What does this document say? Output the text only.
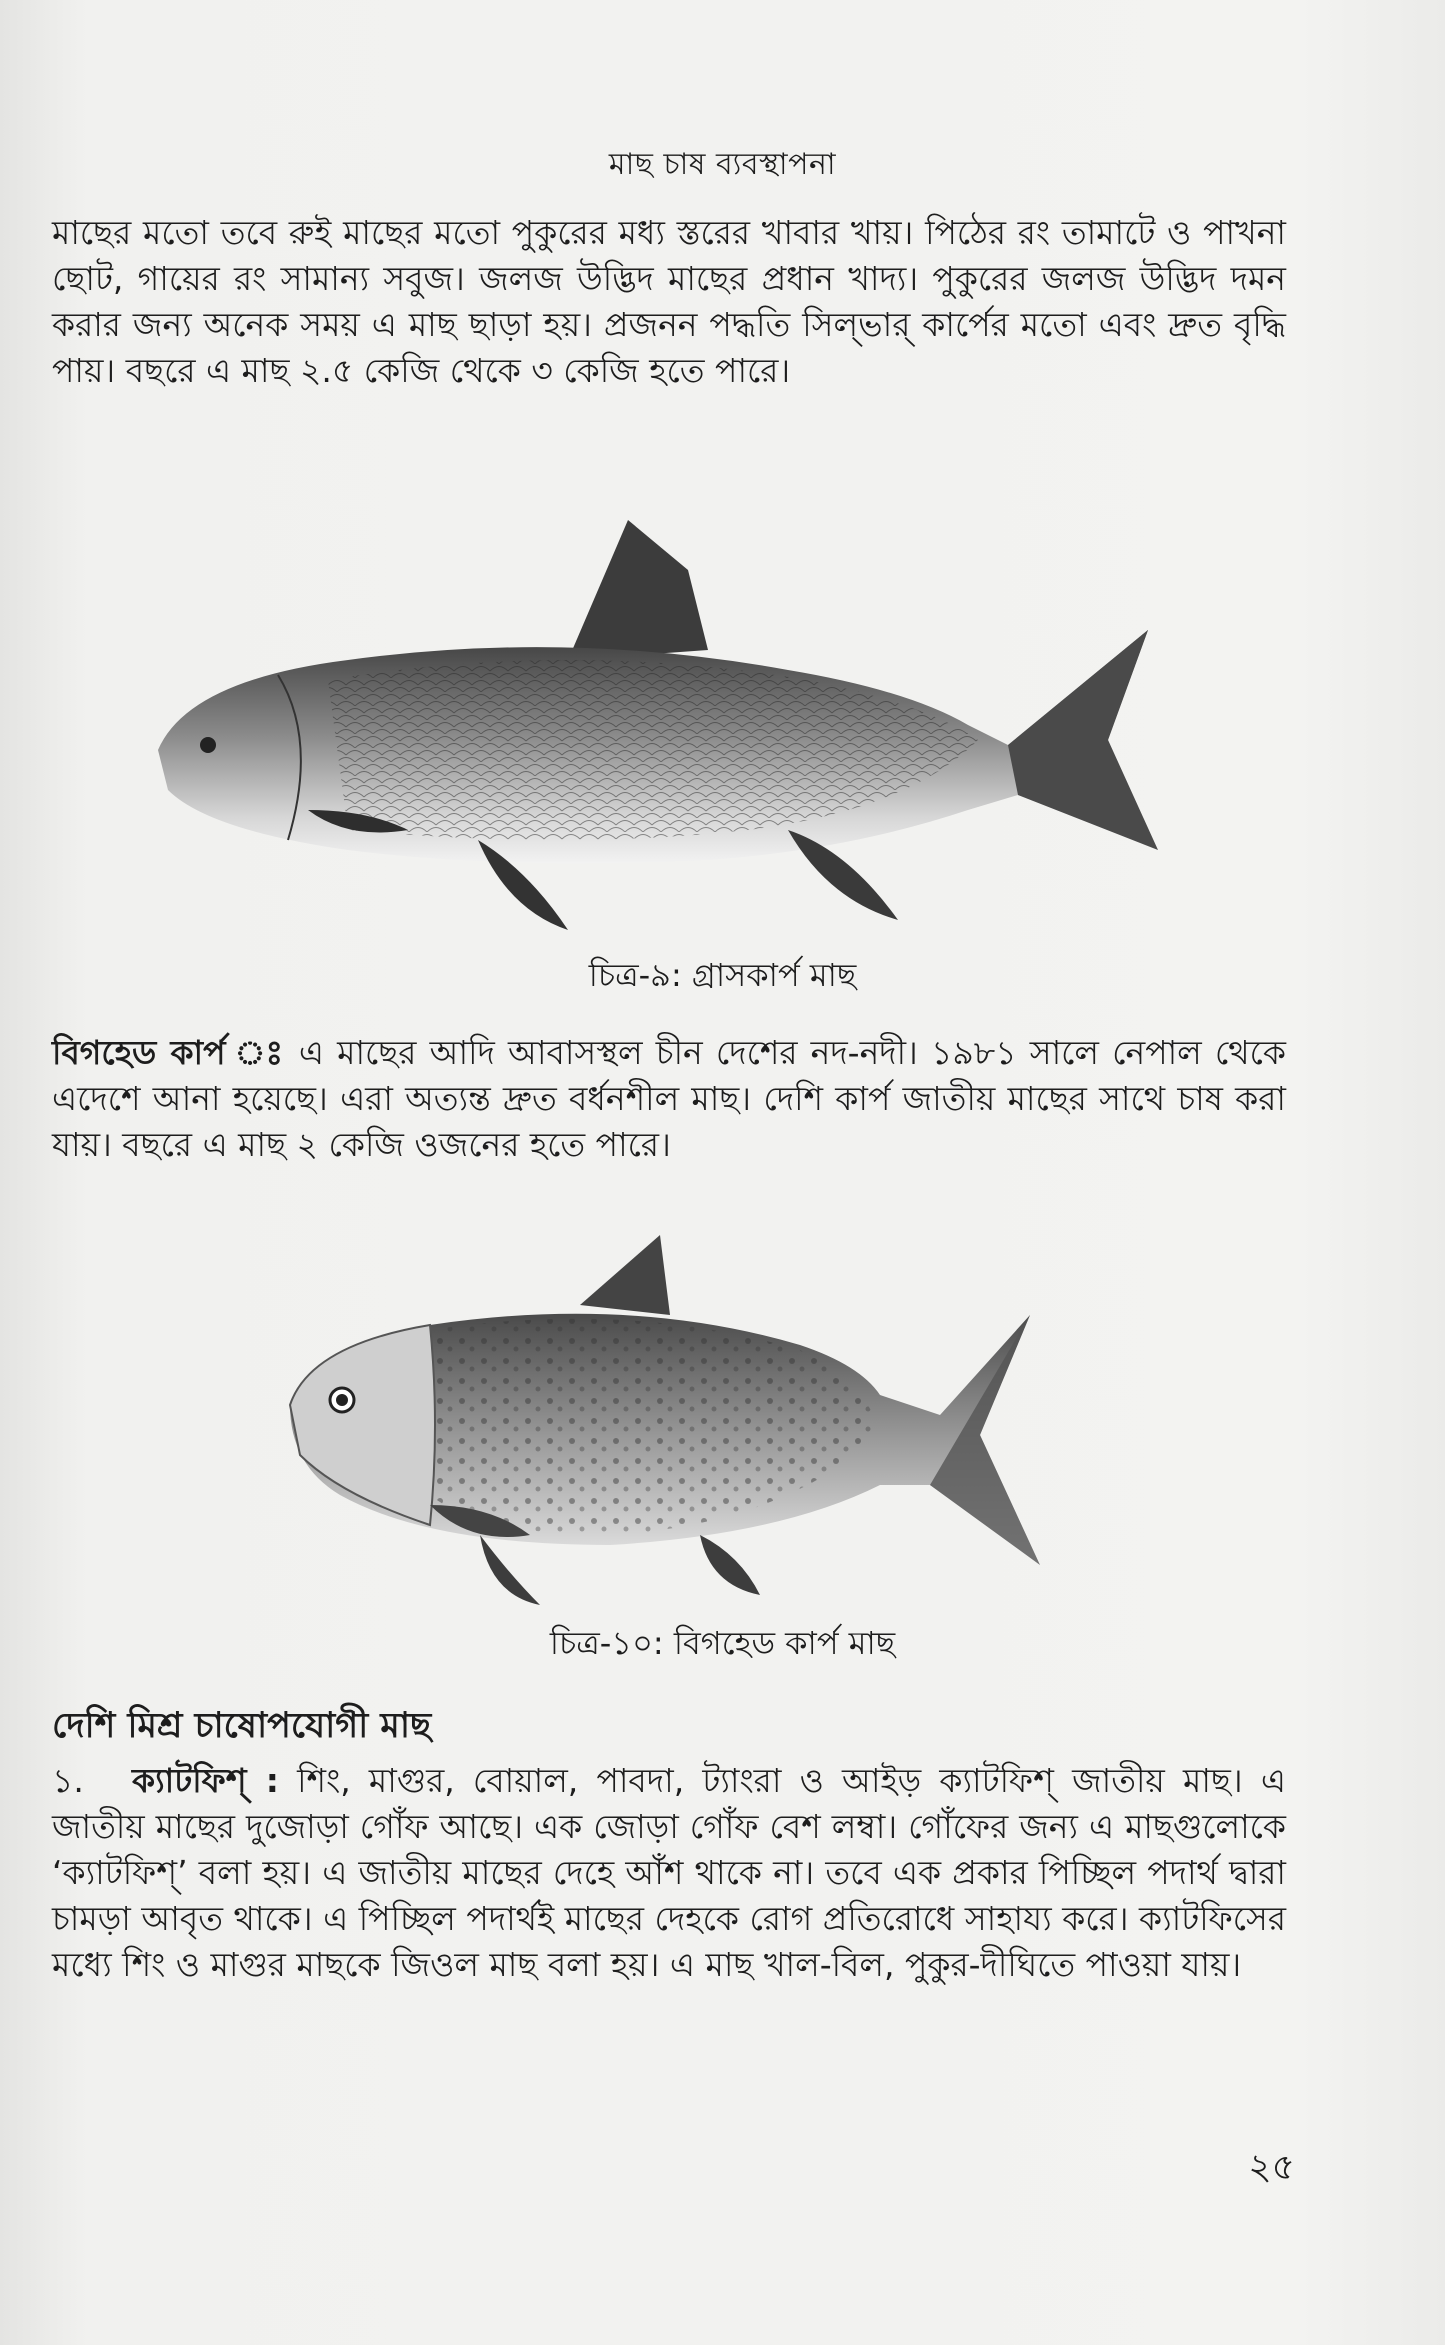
মাছ চাষ ব্যবস্থাপনা
মাছের মতো তবে রুই মাছের মতো পুকুরের মধ্য স্তরের খাবার খায়। পিঠের রং তামাটে ও পাখনা ছোট, গায়ের রং সামান্য সবুজ। জলজ উদ্ভিদ মাছের প্রধান খাদ্য। পুকুরের জলজ উদ্ভিদ দমন করার জন্য অনেক সময় এ মাছ ছাড়া হয়। প্রজনন পদ্ধতি সিল্ভার্ কার্পের মতো এবং দ্রুত বৃদ্ধি পায়। বছরে এ মাছ ২.৫ কেজি থেকে ৩ কেজি হতে পারে।
চিত্র-৯: গ্রাসকার্প মাছ
বিগহেড কার্প ঃ এ মাছের আদি আবাসস্থল চীন দেশের নদ-নদী। ১৯৮১ সালে নেপাল থেকে এদেশে আনা হয়েছে। এরা অত্যন্ত দ্রুত বর্ধনশীল মাছ। দেশি কার্প জাতীয় মাছের সাথে চাষ করা যায়। বছরে এ মাছ ২ কেজি ওজনের হতে পারে।
চিত্র-১০: বিগহেড কার্প মাছ
দেশি মিশ্র চাষোপযোগী মাছ
১. ক্যাটফিশ্ : শিং, মাগুর, বোয়াল, পাবদা, ট্যাংরা ও আইড় ক্যাটফিশ্ জাতীয় মাছ। এ জাতীয় মাছের দুজোড়া গোঁফ আছে। এক জোড়া গোঁফ বেশ লম্বা। গোঁফের জন্য এ মাছগুলোকে ‘ক্যাটফিশ্’ বলা হয়। এ জাতীয় মাছের দেহে আঁশ থাকে না। তবে এক প্রকার পিচ্ছিল পদার্থ দ্বারা চামড়া আবৃত থাকে। এ পিচ্ছিল পদার্থই মাছের দেহকে রোগ প্রতিরোধে সাহায্য করে। ক্যাটফিসের মধ্যে শিং ও মাগুর মাছকে জিওল মাছ বলা হয়। এ মাছ খাল-বিল, পুকুর-দীঘিতে পাওয়া যায়।
২৫
